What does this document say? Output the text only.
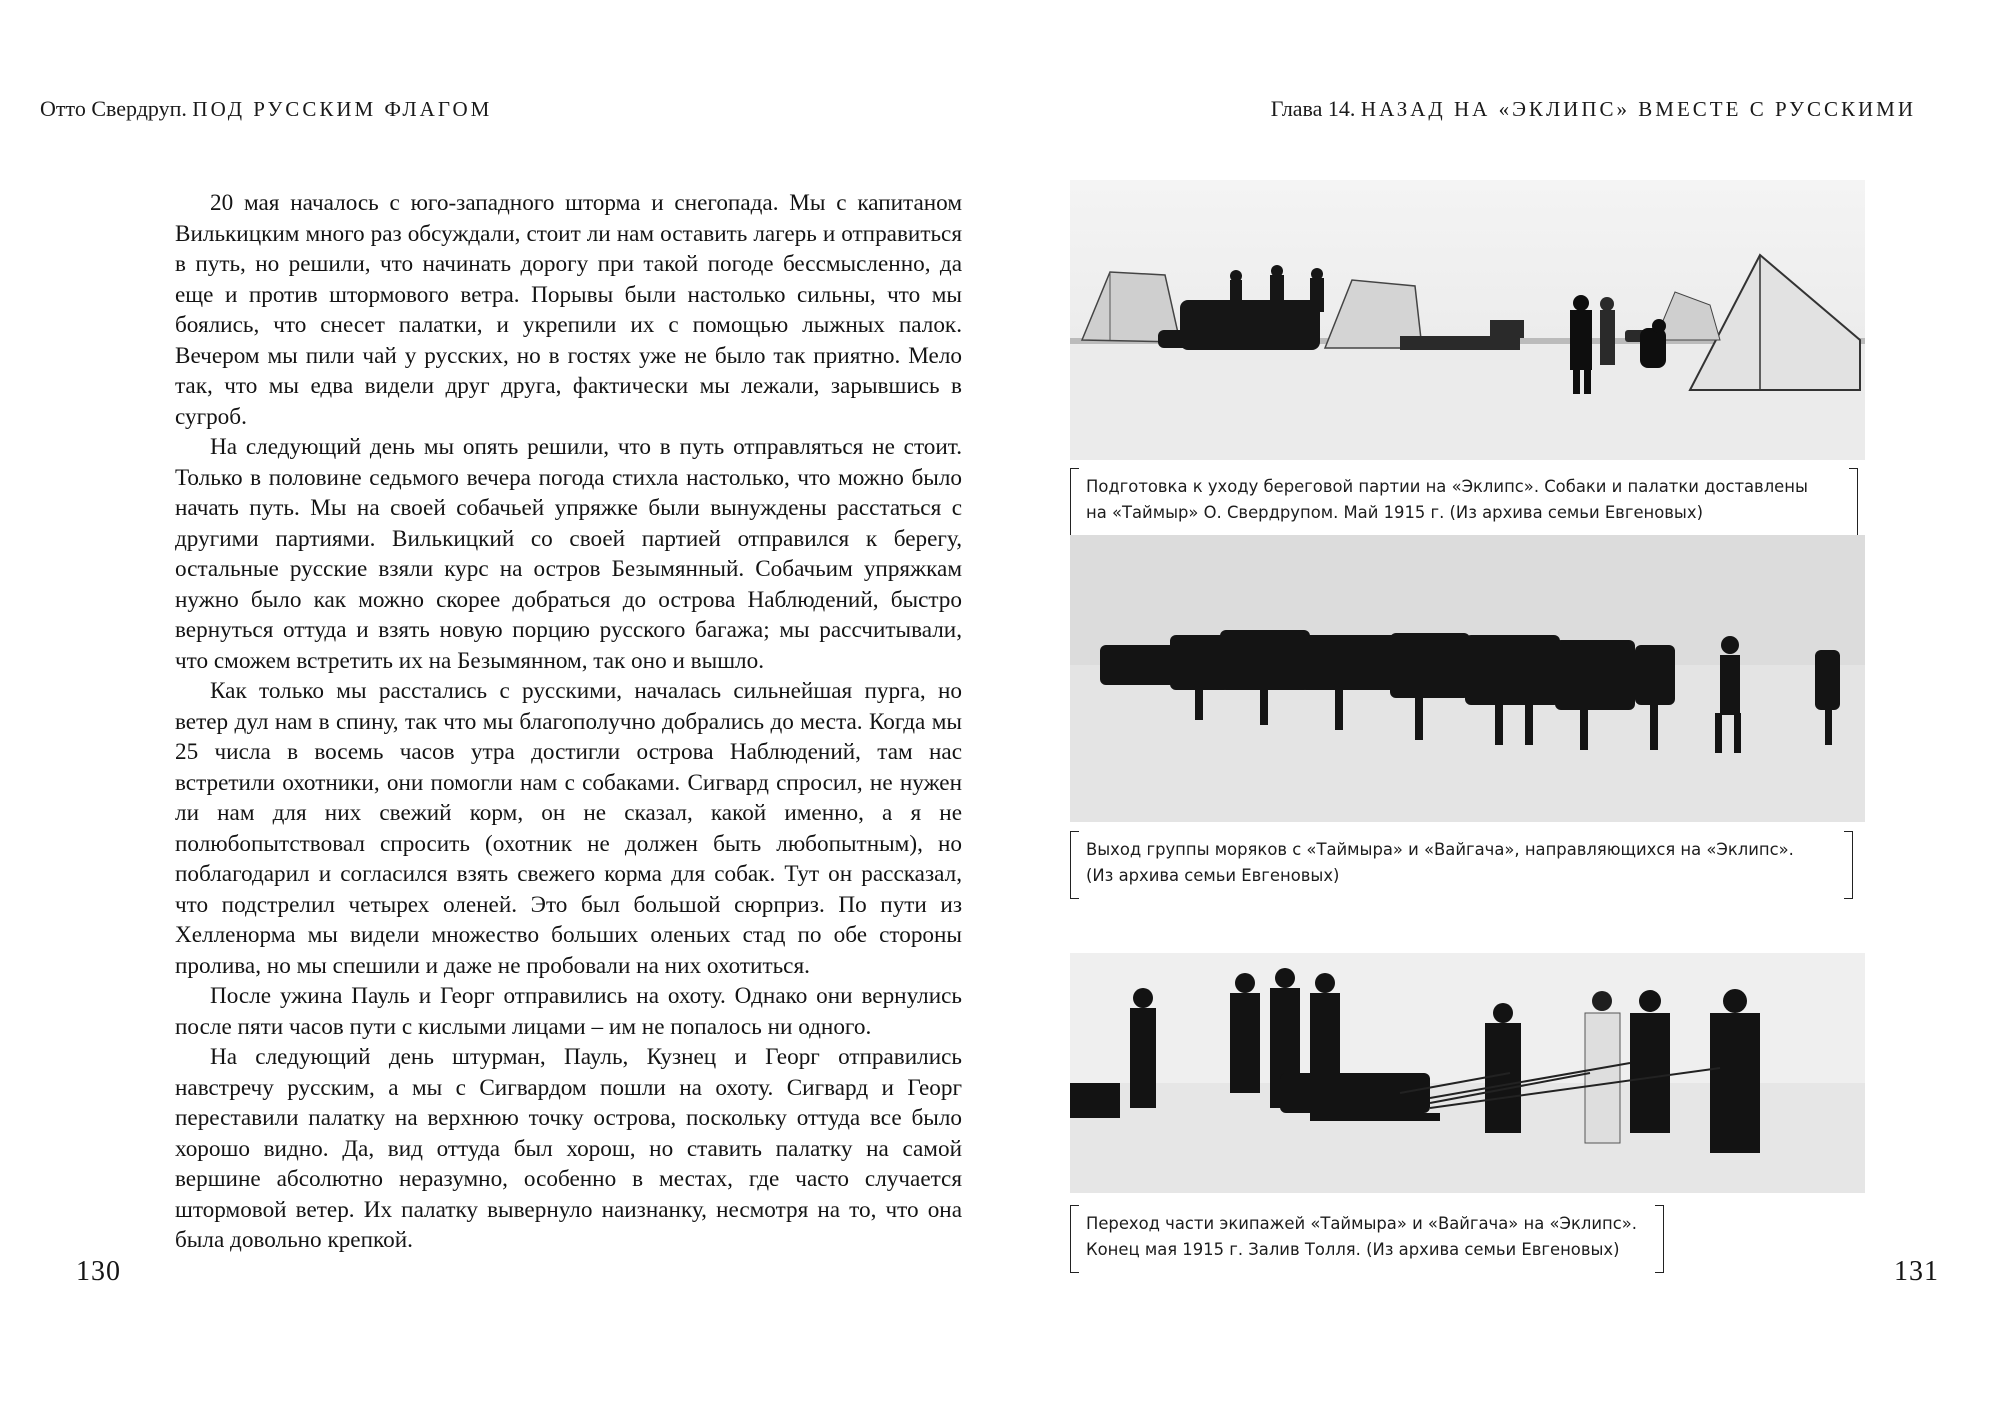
Отто Свердруп. ПОД РУССКИМ ФЛАГОМ

20 мая началось с юго-западного шторма и снегопада. Мы с капитаном Вилькицким много раз обсуждали, стоит ли нам оставить лагерь и отправиться в путь, но решили, что начинать дорогу при такой погоде бессмысленно, да еще и против штормового ветра. Порывы были настолько сильны, что мы боялись, что снесет палатки, и укрепили их с помощью лыжных палок. Вечером мы пили чай у русских, но в гостях уже не было так приятно. Мело так, что мы едва видели друг друга, фактически мы лежали, зарывшись в сугроб.

На следующий день мы опять решили, что в путь отправляться не стоит. Только в половине седьмого вечера погода стихла настолько, что можно было начать путь. Мы на своей собачьей упряжке были вынуждены расстаться с другими партиями. Вилькицкий со своей партией отправился к берегу, остальные русские взяли курс на остров Безымянный. Собачьим упряжкам нужно было как можно скорее добраться до острова Наблюдений, быстро вернуться оттуда и взять новую порцию русского багажа; мы рассчитывали, что сможем встретить их на Безымянном, так оно и вышло.

Как только мы расстались с русскими, началась сильнейшая пурга, но ветер дул нам в спину, так что мы благополучно добрались до места. Когда мы 25 числа в восемь часов утра достигли острова Наблюдений, там нас встретили охотники, они помогли нам с собаками. Сигвард спросил, не нужен ли нам для них свежий корм, он не сказал, какой именно, а я не полюбопытствовал спросить (охотник не должен быть любопытным), но поблагодарил и согласился взять свежего корма для собак. Тут он рассказал, что подстрелил четырех оленей. Это был большой сюрприз. По пути из Хелленорма мы видели множество больших оленьих стад по обе стороны пролива, но мы спешили и даже не пробовали на них охотиться.

После ужина Пауль и Георг отправились на охоту. Однако они вернулись после пяти часов пути с кислыми лицами – им не попалось ни одного.

На следующий день штурман, Пауль, Кузнец и Георг отправились навстречу русским, а мы с Сигвардом пошли на охоту. Сигвард и Георг переставили палатку на верхнюю точку острова, поскольку оттуда все было хорошо видно. Да, вид оттуда был хорош, но ставить палатку на самой вершине абсолютно неразумно, особенно в местах, где часто случается штормовой ветер. Их палатку вывернуло наизнанку, несмотря на то, что она была довольно крепкой.

130
Глава 14. НАЗАД НА «ЭКЛИПС» ВМЕСТЕ С РУССКИМИ
Подготовка к уходу береговой партии на «Эклипс». Собаки и палатки доставлены
на «Таймыр» О. Свердрупом. Май 1915 г. (Из архива семьи Евгеновых)
Выход группы моряков с «Таймыра» и «Вайгача», направляющихся на «Эклипс».
(Из архива семьи Евгеновых)
Переход части экипажей «Таймыра» и «Вайгача» на «Эклипс».
Конец мая 1915 г. Залив Толля. (Из архива семьи Евгеновых)
131
